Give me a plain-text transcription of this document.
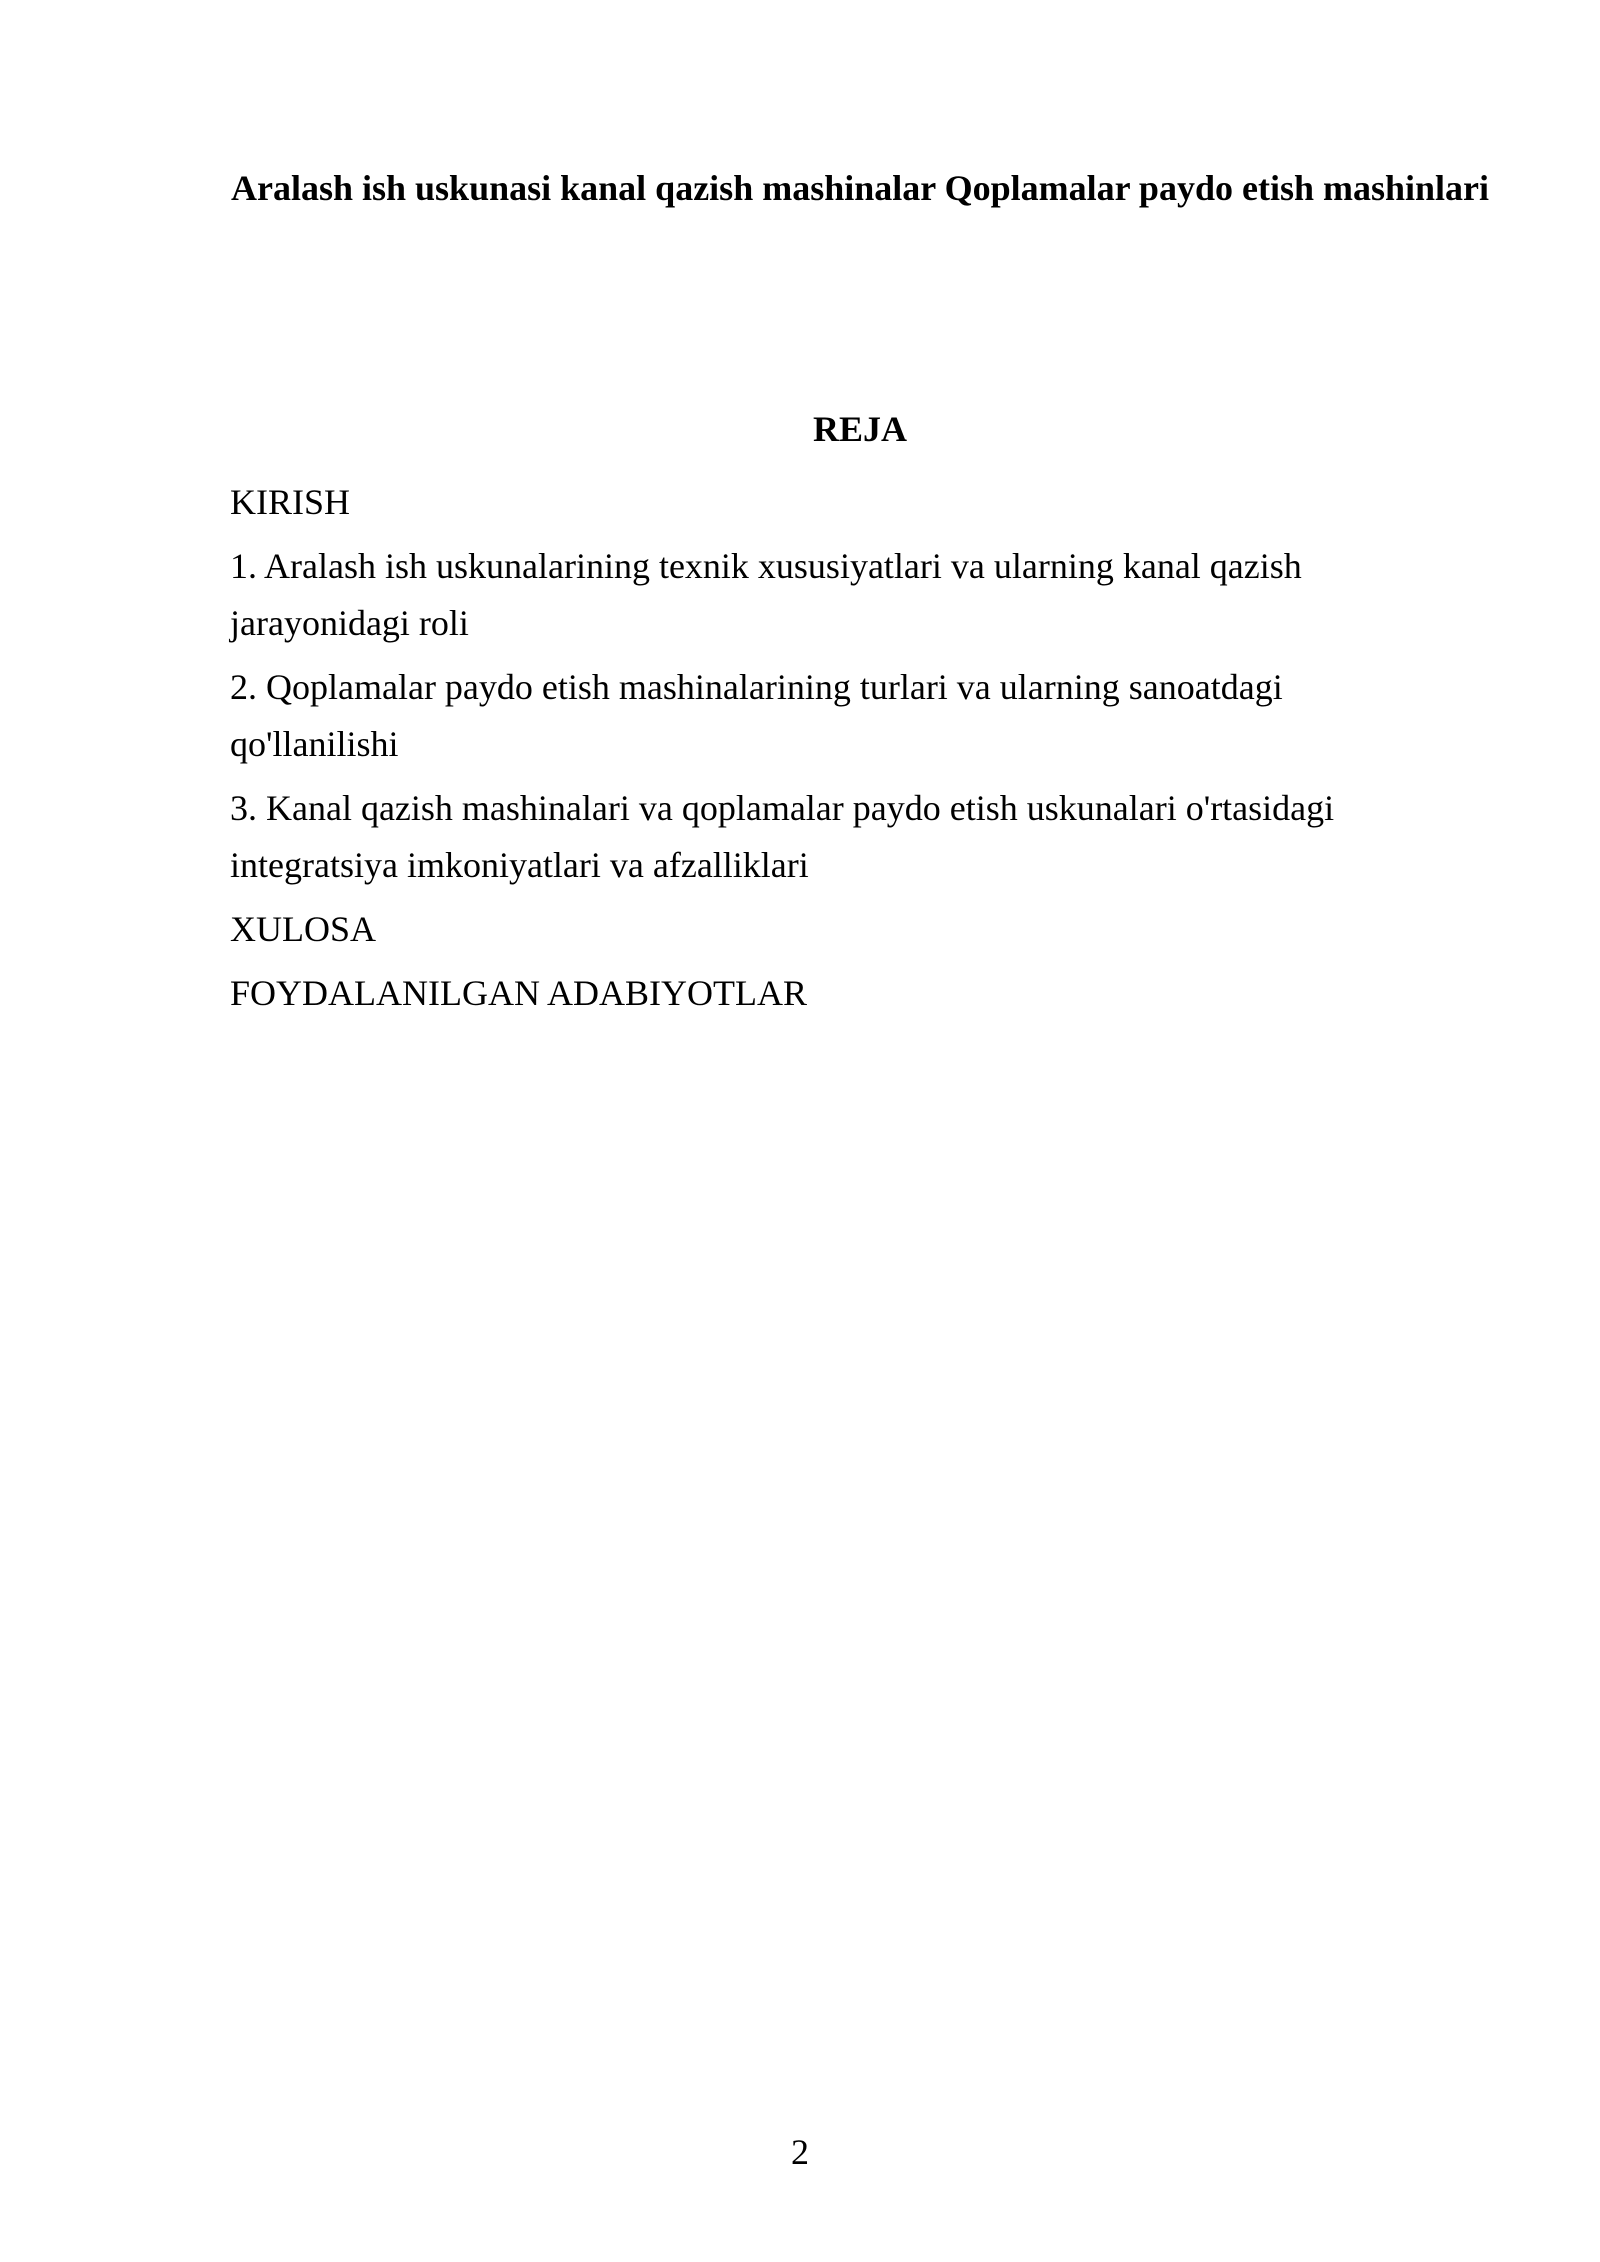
Aralash ish uskunasi kanal qazish mashinalar Qoplamalar paydo etish mashinlari
REJA
KIRISH
1. Aralash ish uskunalarining texnik xususiyatlari va ularning kanal qazish jarayonidagi roli
2. Qoplamalar paydo etish mashinalarining turlari va ularning sanoatdagi qo'llanilishi
3. Kanal qazish mashinalari va qoplamalar paydo etish uskunalari o'rtasidagi integratsiya imkoniyatlari va afzalliklari
XULOSA
FOYDALANILGAN ADABIYOTLAR
2
